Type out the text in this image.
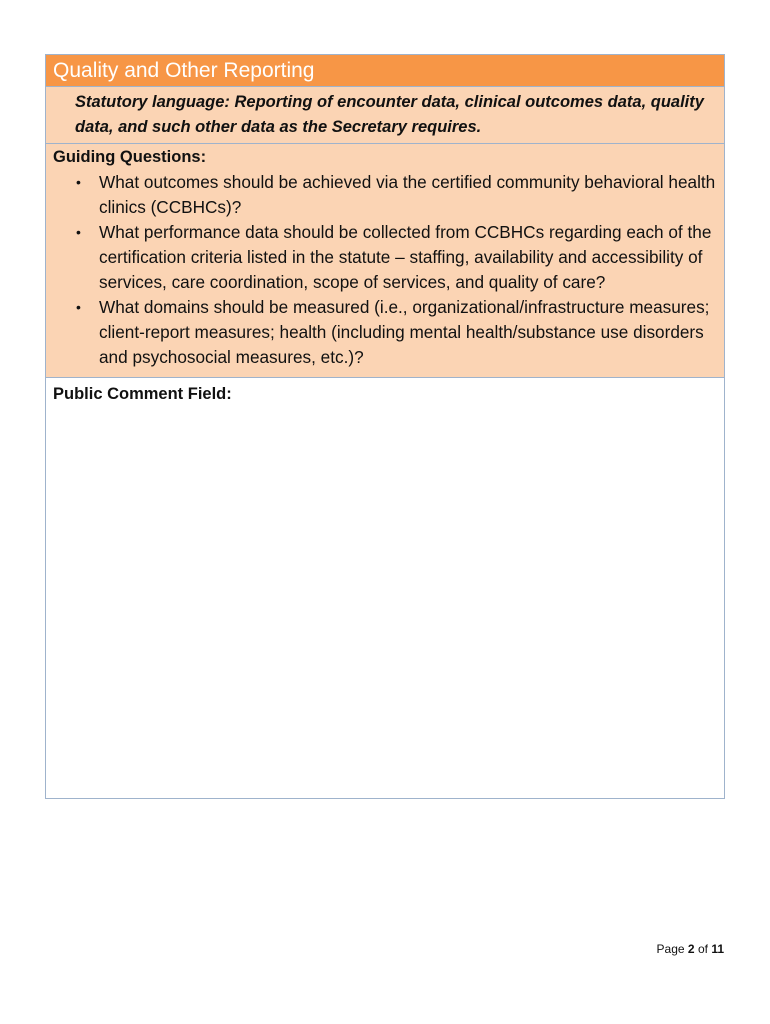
Quality and Other Reporting

Statutory language: Reporting of encounter data, clinical outcomes data, quality data, and such other data as the Secretary requires.

Guiding Questions:

• What outcomes should be achieved via the certified community behavioral health clinics (CCBHCs)?
• What performance data should be collected from CCBHCs regarding each of the certification criteria listed in the statute – staffing, availability and accessibility of services, care coordination, scope of services, and quality of care?
• What domains should be measured (i.e., organizational/infrastructure measures; client-report measures; health (including mental health/substance use disorders and psychosocial measures, etc.)?

Public Comment Field:

Page 2 of 11
